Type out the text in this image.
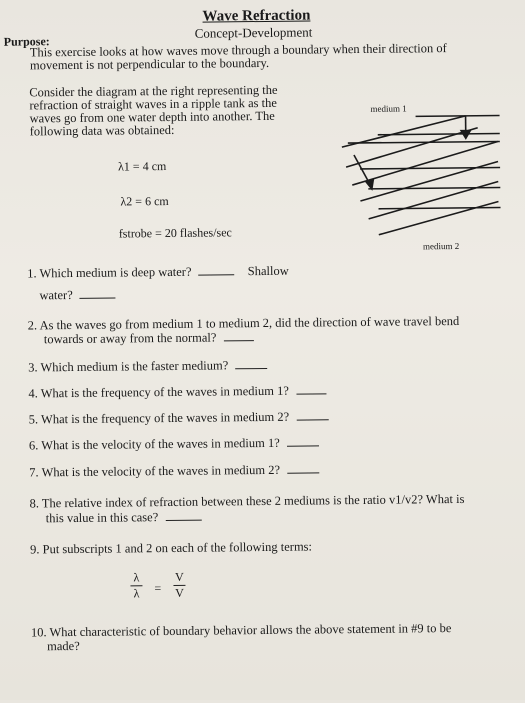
Wave Refraction
Concept-Development
Purpose:
This exercise looks at how waves move through a boundary when their direction of
movement is not perpendicular to the boundary.
Consider the diagram at the right representing the
refraction of straight waves in a ripple tank as the
waves go from one water depth into another. The
following data was obtained:
λ1 = 4 cm
λ2 = 6 cm
fstrobe = 20 flashes/sec
medium 1
medium 2
1. Which medium is deep water?	Shallow
water?
2. As the waves go from medium 1 to medium 2, did the direction of wave travel bend
towards or away from the normal?
3. Which medium is the faster medium?
4. What is the frequency of the waves in medium 1?
5. What is the frequency of the waves in medium 2?
6. What is the velocity of the waves in medium 1?
7. What is the velocity of the waves in medium 2?
8. The relative index of refraction between these 2 mediums is the ratio v1/v2? What is
this value in this case?
9. Put subscripts 1 and 2 on each of the following terms:
λ
λ =
V
V
10. What characteristic of boundary behavior allows the above statement in #9 to be
made?
